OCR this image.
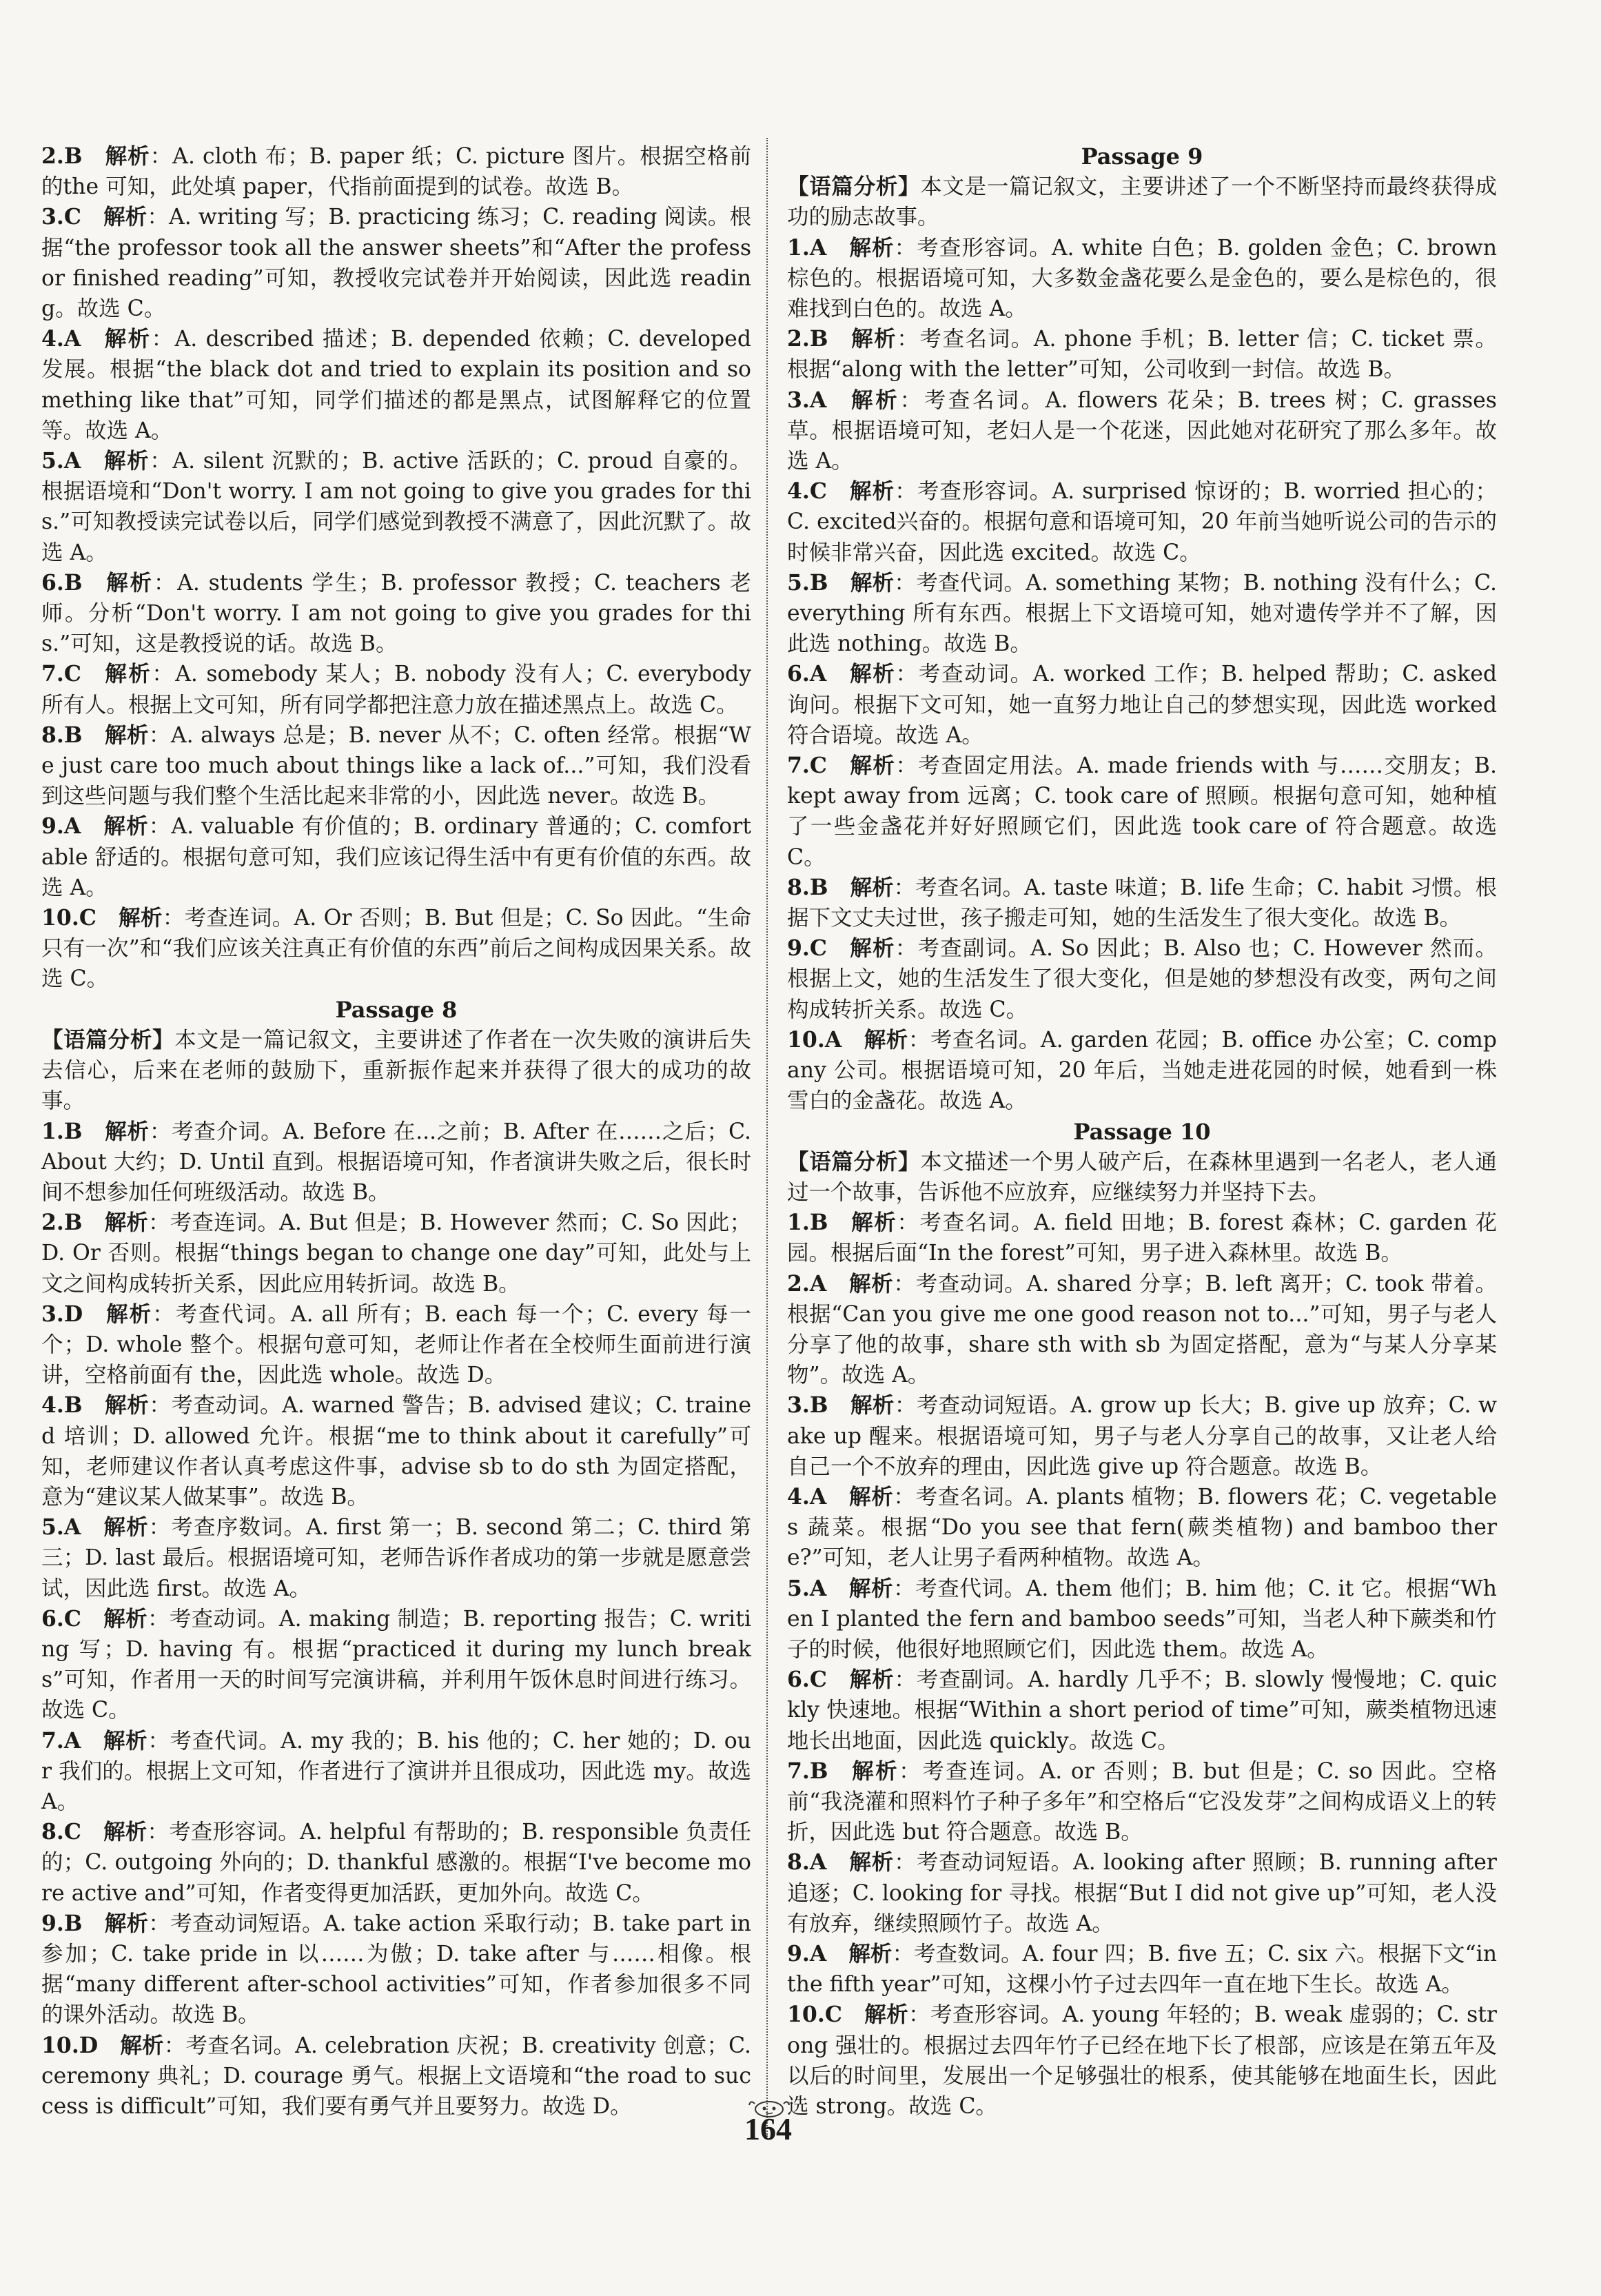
2.B 解析：A. cloth 布；B. paper 纸；C. picture 图片。根据空格前的the 可知，此处填 paper，代指前面提到的试卷。故选 B。

3.C 解析：A. writing 写；B. practicing 练习；C. reading 阅读。根据“the professor took all the answer sheets”和“After the professor finished reading”可知，教授收完试卷并开始阅读，因此选 reading。故选 C。

4.A 解析：A. described 描述；B. depended 依赖；C. developed 发展。根据“the black dot and tried to explain its position and something like that”可知，同学们描述的都是黑点，试图解释它的位置等。故选 A。

5.A 解析：A. silent 沉默的；B. active 活跃的；C. proud 自豪的。根据语境和“Don't worry. I am not going to give you grades for this.”可知教授读完试卷以后，同学们感觉到教授不满意了，因此沉默了。故选 A。

6.B 解析：A. students 学生；B. professor 教授；C. teachers 老师。分析“Don't worry. I am not going to give you grades for this.”可知，这是教授说的话。故选 B。

7.C 解析：A. somebody 某人；B. nobody 没有人；C. everybody 所有人。根据上文可知，所有同学都把注意力放在描述黑点上。故选 C。

8.B 解析：A. always 总是；B. never 从不；C. often 经常。根据“We just care too much about things like a lack of...”可知，我们没看到这些问题与我们整个生活比起来非常的小，因此选 never。故选 B。

9.A 解析：A. valuable 有价值的；B. ordinary 普通的；C. comfortable 舒适的。根据句意可知，我们应该记得生活中有更有价值的东西。故选 A。

10.C 解析：考查连词。A. Or 否则；B. But 但是；C. So 因此。“生命只有一次”和“我们应该关注真正有价值的东西”前后之间构成因果关系。故选 C。

Passage 8

【语篇分析】本文是一篇记叙文，主要讲述了作者在一次失败的演讲后失去信心，后来在老师的鼓励下，重新振作起来并获得了很大的成功的故事。

1.B 解析：考查介词。A. Before 在...之前；B. After 在……之后；C. About 大约；D. Until 直到。根据语境可知，作者演讲失败之后，很长时间不想参加任何班级活动。故选 B。

2.B 解析：考查连词。A. But 但是；B. However 然而；C. So 因此；D. Or 否则。根据“things began to change one day”可知，此处与上文之间构成转折关系，因此应用转折词。故选 B。

3.D 解析：考查代词。A. all 所有；B. each 每一个；C. every 每一个；D. whole 整个。根据句意可知，老师让作者在全校师生面前进行演讲，空格前面有 the，因此选 whole。故选 D。

4.B 解析：考查动词。A. warned 警告；B. advised 建议；C. trained 培训；D. allowed 允许。根据“me to think about it carefully”可知，老师建议作者认真考虑这件事，advise sb to do sth 为固定搭配，意为“建议某人做某事”。故选 B。

5.A 解析：考查序数词。A. first 第一；B. second 第二；C. third 第三；D. last 最后。根据语境可知，老师告诉作者成功的第一步就是愿意尝试，因此选 first。故选 A。

6.C 解析：考查动词。A. making 制造；B. reporting 报告；C. writing 写；D. having 有。根据“practiced it during my lunch breaks”可知，作者用一天的时间写完演讲稿，并利用午饭休息时间进行练习。故选 C。

7.A 解析：考查代词。A. my 我的；B. his 他的；C. her 她的；D. our 我们的。根据上文可知，作者进行了演讲并且很成功，因此选 my。故选 A。

8.C 解析：考查形容词。A. helpful 有帮助的；B. responsible 负责任的；C. outgoing 外向的；D. thankful 感激的。根据“I've become more active and”可知，作者变得更加活跃，更加外向。故选 C。

9.B 解析：考查动词短语。A. take action 采取行动；B. take part in 参加；C. take pride in 以……为傲；D. take after 与……相像。根据“many different after-school activities”可知，作者参加很多不同的课外活动。故选 B。

10.D 解析：考查名词。A. celebration 庆祝；B. creativity 创意；C. ceremony 典礼；D. courage 勇气。根据上文语境和“the road to success is difficult”可知，我们要有勇气并且要努力。故选 D。

Passage 9

【语篇分析】本文是一篇记叙文，主要讲述了一个不断坚持而最终获得成功的励志故事。

1.A 解析：考查形容词。A. white 白色；B. golden 金色；C. brown 棕色的。根据语境可知，大多数金盏花要么是金色的，要么是棕色的，很难找到白色的。故选 A。

2.B 解析：考查名词。A. phone 手机；B. letter 信；C. ticket 票。根据“along with the letter”可知，公司收到一封信。故选 B。

3.A 解析：考查名词。A. flowers 花朵；B. trees 树；C. grasses 草。根据语境可知，老妇人是一个花迷，因此她对花研究了那么多年。故选 A。

4.C 解析：考查形容词。A. surprised 惊讶的；B. worried 担心的；C. excited兴奋的。根据句意和语境可知，20 年前当她听说公司的告示的时候非常兴奋，因此选 excited。故选 C。

5.B 解析：考查代词。A. something 某物；B. nothing 没有什么；C. everything 所有东西。根据上下文语境可知，她对遗传学并不了解，因此选 nothing。故选 B。

6.A 解析：考查动词。A. worked 工作；B. helped 帮助；C. asked 询问。根据下文可知，她一直努力地让自己的梦想实现，因此选 worked 符合语境。故选 A。

7.C 解析：考查固定用法。A. made friends with 与……交朋友；B. kept away from 远离；C. took care of 照顾。根据句意可知，她种植了一些金盏花并好好照顾它们，因此选 took care of 符合题意。故选 C。

8.B 解析：考查名词。A. taste 味道；B. life 生命；C. habit 习惯。根据下文丈夫过世，孩子搬走可知，她的生活发生了很大变化。故选 B。

9.C 解析：考查副词。A. So 因此；B. Also 也；C. However 然而。根据上文，她的生活发生了很大变化，但是她的梦想没有改变，两句之间构成转折关系。故选 C。

10.A 解析：考查名词。A. garden 花园；B. office 办公室；C. company 公司。根据语境可知，20 年后，当她走进花园的时候，她看到一株雪白的金盏花。故选 A。

Passage 10

【语篇分析】本文描述一个男人破产后，在森林里遇到一名老人，老人通过一个故事，告诉他不应放弃，应继续努力并坚持下去。

1.B 解析：考查名词。A. field 田地；B. forest 森林；C. garden 花园。根据后面“In the forest”可知，男子进入森林里。故选 B。

2.A 解析：考查动词。A. shared 分享；B. left 离开；C. took 带着。根据“Can you give me one good reason not to...”可知，男子与老人分享了他的故事，share sth with sb 为固定搭配，意为“与某人分享某物”。故选 A。

3.B 解析：考查动词短语。A. grow up 长大；B. give up 放弃；C. wake up 醒来。根据语境可知，男子与老人分享自己的故事，又让老人给自己一个不放弃的理由，因此选 give up 符合题意。故选 B。

4.A 解析：考查名词。A. plants 植物；B. flowers 花；C. vegetables 蔬菜。根据“Do you see that fern(蕨类植物) and bamboo there?”可知，老人让男子看两种植物。故选 A。

5.A 解析：考查代词。A. them 他们；B. him 他；C. it 它。根据“When I planted the fern and bamboo seeds”可知，当老人种下蕨类和竹子的时候，他很好地照顾它们，因此选 them。故选 A。

6.C 解析：考查副词。A. hardly 几乎不；B. slowly 慢慢地；C. quickly 快速地。根据“Within a short period of time”可知，蕨类植物迅速地长出地面，因此选 quickly。故选 C。

7.B 解析：考查连词。A. or 否则；B. but 但是；C. so 因此。空格前“我浇灌和照料竹子种子多年”和空格后“它没发芽”之间构成语义上的转折，因此选 but 符合题意。故选 B。

8.A 解析：考查动词短语。A. looking after 照顾；B. running after 追逐；C. looking for 寻找。根据“But I did not give up”可知，老人没有放弃，继续照顾竹子。故选 A。

9.A 解析：考查数词。A. four 四；B. five 五；C. six 六。根据下文“in the fifth year”可知，这棵小竹子过去四年一直在地下生长。故选 A。

10.C 解析：考查形容词。A. young 年轻的；B. weak 虚弱的；C. strong 强壮的。根据过去四年竹子已经在地下长了根部，应该是在第五年及以后的时间里，发展出一个足够强壮的根系，使其能够在地面生长，因此选 strong。故选 C。

164
